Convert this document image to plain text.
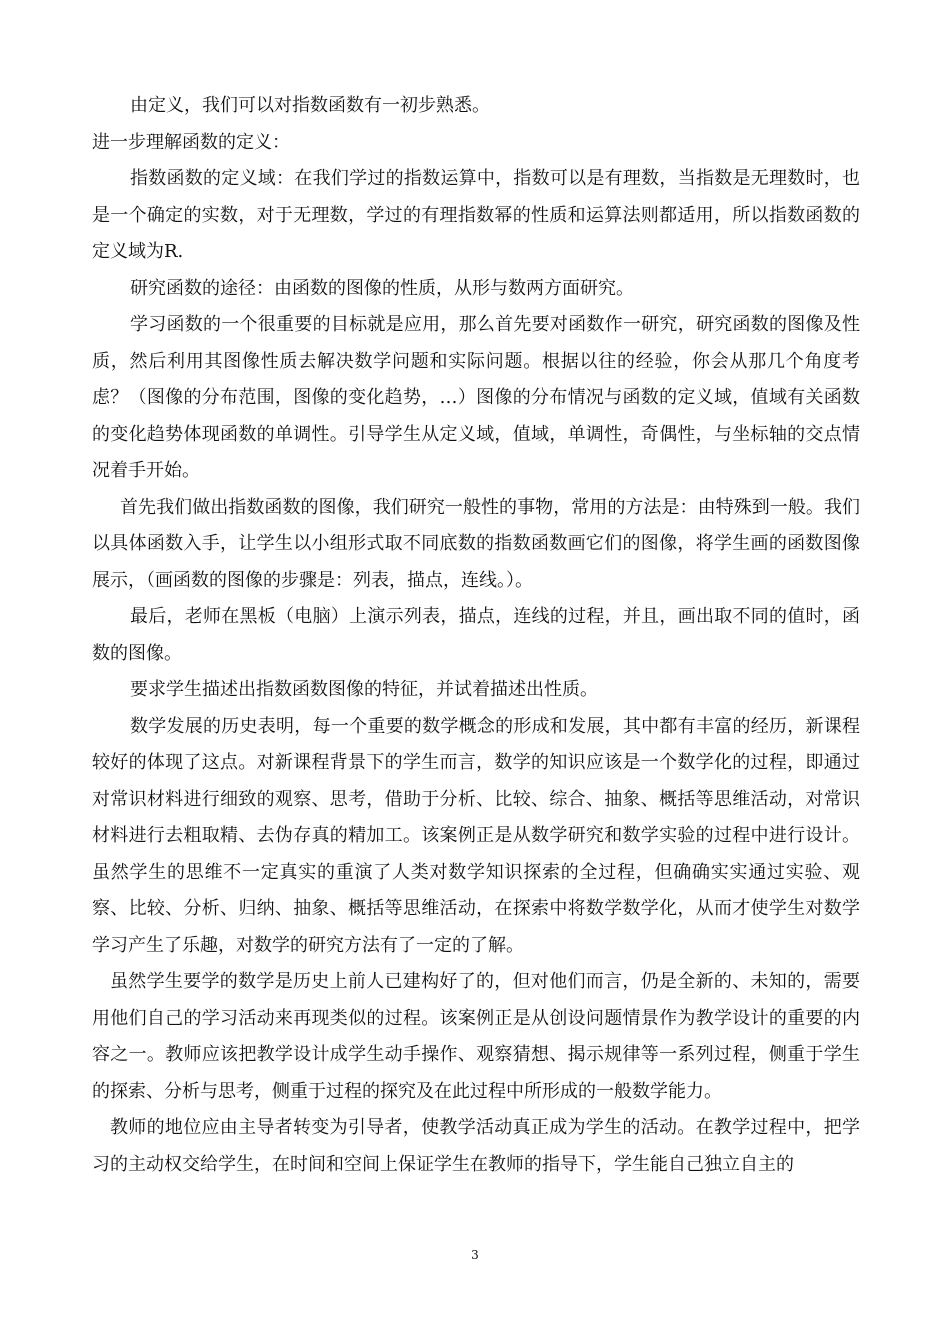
由定义，我们可以对指数函数有一初步熟悉。

进一步理解函数的定义：

指数函数的定义域：在我们学过的指数运算中，指数可以是有理数，当指数是无理数时，也是一个确定的实数，对于无理数，学过的有理指数幂的性质和运算法则都适用，所以指数函数的定义域为R.

研究函数的途径：由函数的图像的性质，从形与数两方面研究。

学习函数的一个很重要的目标就是应用，那么首先要对函数作一研究，研究函数的图像及性质，然后利用其图像性质去解决数学问题和实际问题。根据以往的经验，你会从那几个角度考虑？（图像的分布范围，图像的变化趋势，…）图像的分布情况与函数的定义域，值域有关函数的变化趋势体现函数的单调性。引导学生从定义域，值域，单调性，奇偶性，与坐标轴的交点情况着手开始。

首先我们做出指数函数的图像，我们研究一般性的事物，常用的方法是：由特殊到一般。我们以具体函数入手，让学生以小组形式取不同底数的指数函数画它们的图像，将学生画的函数图像展示，（画函数的图像的步骤是：列表，描点，连线。）。

最后，老师在黑板（电脑）上演示列表，描点，连线的过程，并且，画出取不同的值时，函数的图像。

要求学生描述出指数函数图像的特征，并试着描述出性质。

数学发展的历史表明，每一个重要的数学概念的形成和发展，其中都有丰富的经历，新课程较好的体现了这点。对新课程背景下的学生而言，数学的知识应该是一个数学化的过程，即通过对常识材料进行细致的观察、思考，借助于分析、比较、综合、抽象、概括等思维活动，对常识材料进行去粗取精、去伪存真的精加工。该案例正是从数学研究和数学实验的过程中进行设计。虽然学生的思维不一定真实的重演了人类对数学知识探索的全过程，但确确实实通过实验、观察、比较、分析、归纳、抽象、概括等思维活动，在探索中将数学数学化，从而才使学生对数学学习产生了乐趣，对数学的研究方法有了一定的了解。

虽然学生要学的数学是历史上前人已建构好了的，但对他们而言，仍是全新的、未知的，需要用他们自己的学习活动来再现类似的过程。该案例正是从创设问题情景作为教学设计的重要的内容之一。教师应该把教学设计成学生动手操作、观察猜想、揭示规律等一系列过程，侧重于学生的探索、分析与思考，侧重于过程的探究及在此过程中所形成的一般数学能力。

教师的地位应由主导者转变为引导者，使教学活动真正成为学生的活动。在教学过程中，把学习的主动权交给学生，在时间和空间上保证学生在教师的指导下，学生能自己独立自主的

3
